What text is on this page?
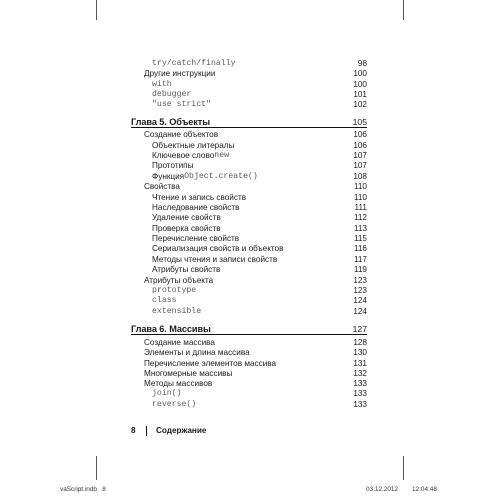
try/catch/finally	98
Другие инструкции	100
with	100
debugger	101
"use strict"	102
Глава 5. Объекты	105
Создание объектов	106
Объектные литералы	106
Ключевое слово new	107
Прототипы	107
Функция Object.create()	108
Свойства	110
Чтение и запись свойств	110
Наследование свойств	111
Удаление свойств	112
Проверка свойств	113
Перечисление свойств	115
Сериализация свойств и объектов	116
Методы чтения и записи свойств	117
Атрибуты свойств	119
Атрибуты объекта	123
prototype	123
class	124
extensible	124
Глава 6. Массивы	127
Создание массива	128
Элементы и длина массива	130
Перечисление элементов массива	131
Многомерные массивы	132
Методы массивов	133
join()	133
reverse()	133
8 Содержание
vaScript.indb   8	03.12.2012 12:04:48
